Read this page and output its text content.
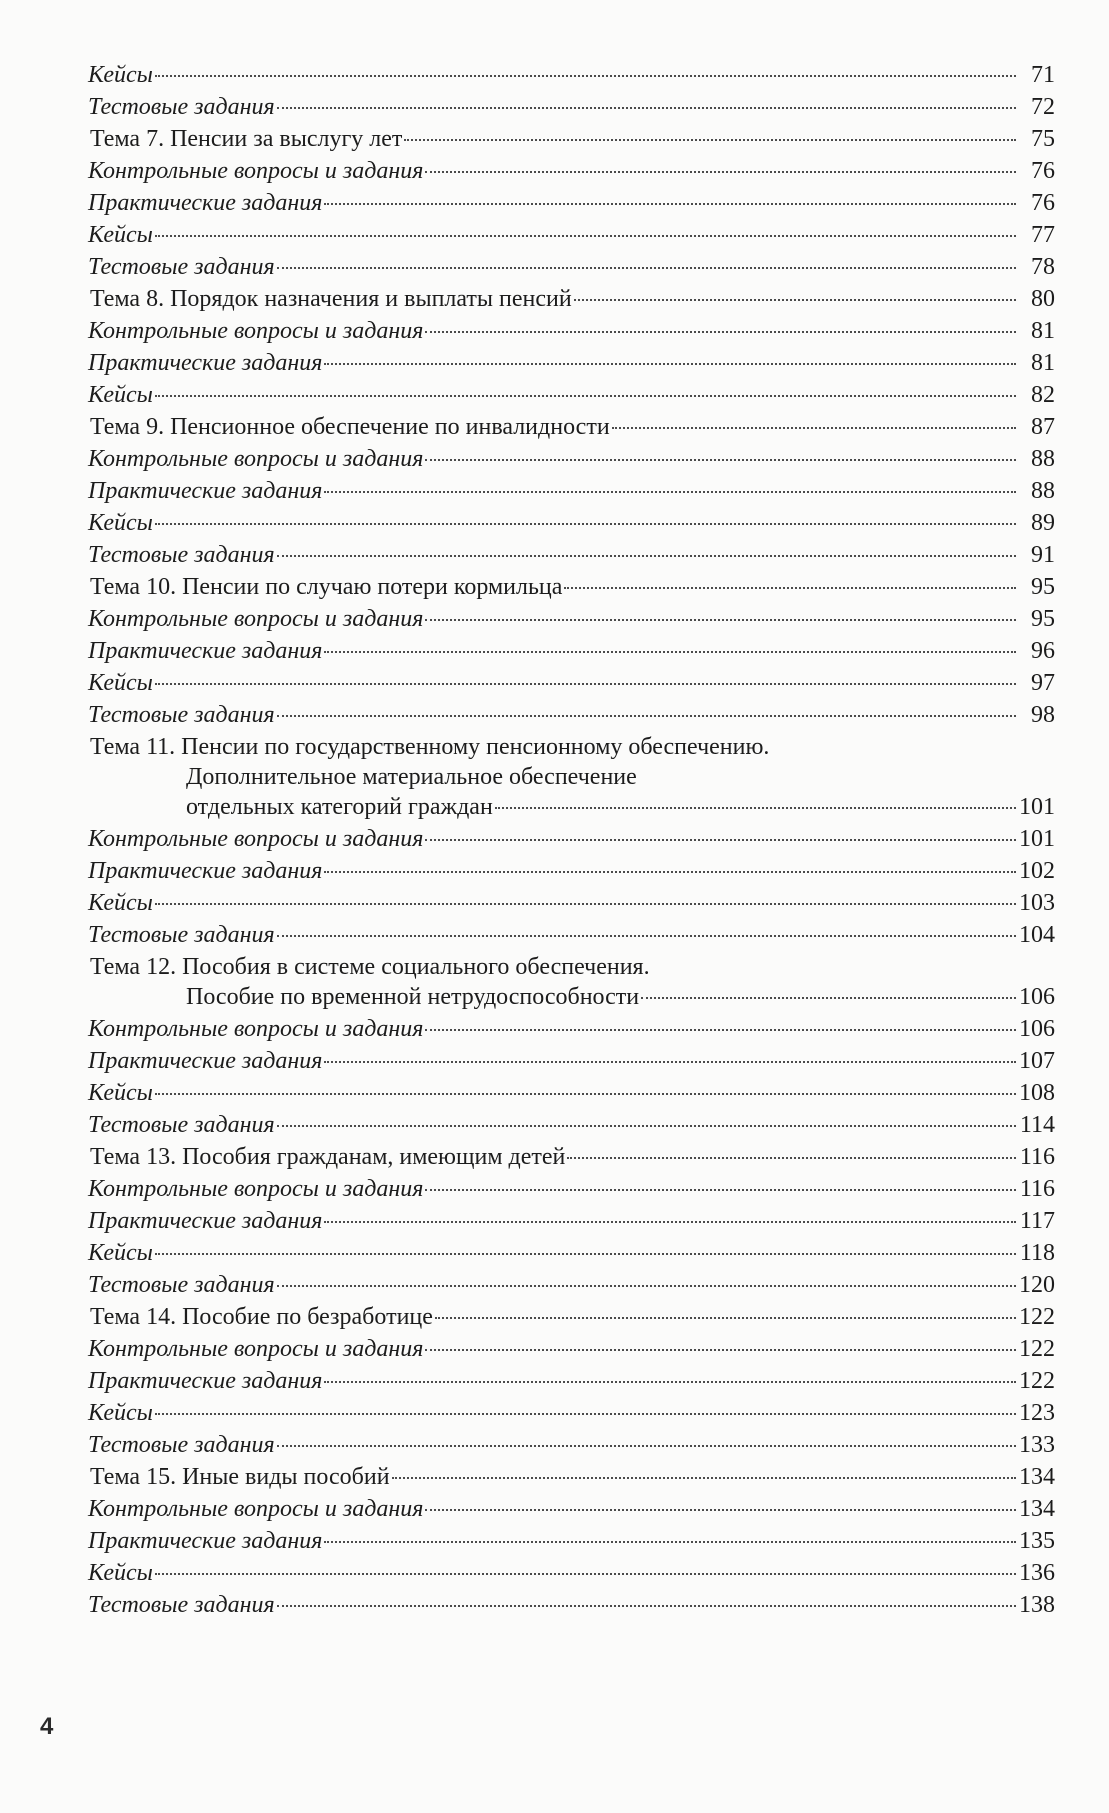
Кейсы	71
Тестовые задания	72
Тема 7. Пенсии за выслугу лет	75
Контрольные вопросы и задания	76
Практические задания	76
Кейсы	77
Тестовые задания	78
Тема 8. Порядок назначения и выплаты пенсий	80
Контрольные вопросы и задания	81
Практические задания	81
Кейсы	82
Тема 9. Пенсионное обеспечение по инвалидности	87
Контрольные вопросы и задания	88
Практические задания	88
Кейсы	89
Тестовые задания	91
Тема 10. Пенсии по случаю потери кормильца	95
Контрольные вопросы и задания	95
Практические задания	96
Кейсы	97
Тестовые задания	98
Тема 11. Пенсии по государственному пенсионному обеспечению.
Дополнительное материальное обеспечение
отдельных категорий граждан	101
Контрольные вопросы и задания	101
Практические задания	102
Кейсы	103
Тестовые задания	104
Тема 12. Пособия в системе социального обеспечения.
Пособие по временной нетрудоспособности	106
Контрольные вопросы и задания	106
Практические задания	107
Кейсы	108
Тестовые задания	114
Тема 13. Пособия гражданам, имеющим детей	116
Контрольные вопросы и задания	116
Практические задания	117
Кейсы	118
Тестовые задания	120
Тема 14. Пособие по безработице	122
Контрольные вопросы и задания	122
Практические задания	122
Кейсы	123
Тестовые задания	133
Тема 15. Иные виды пособий	134
Контрольные вопросы и задания	134
Практические задания	135
Кейсы	136
Тестовые задания	138
4
